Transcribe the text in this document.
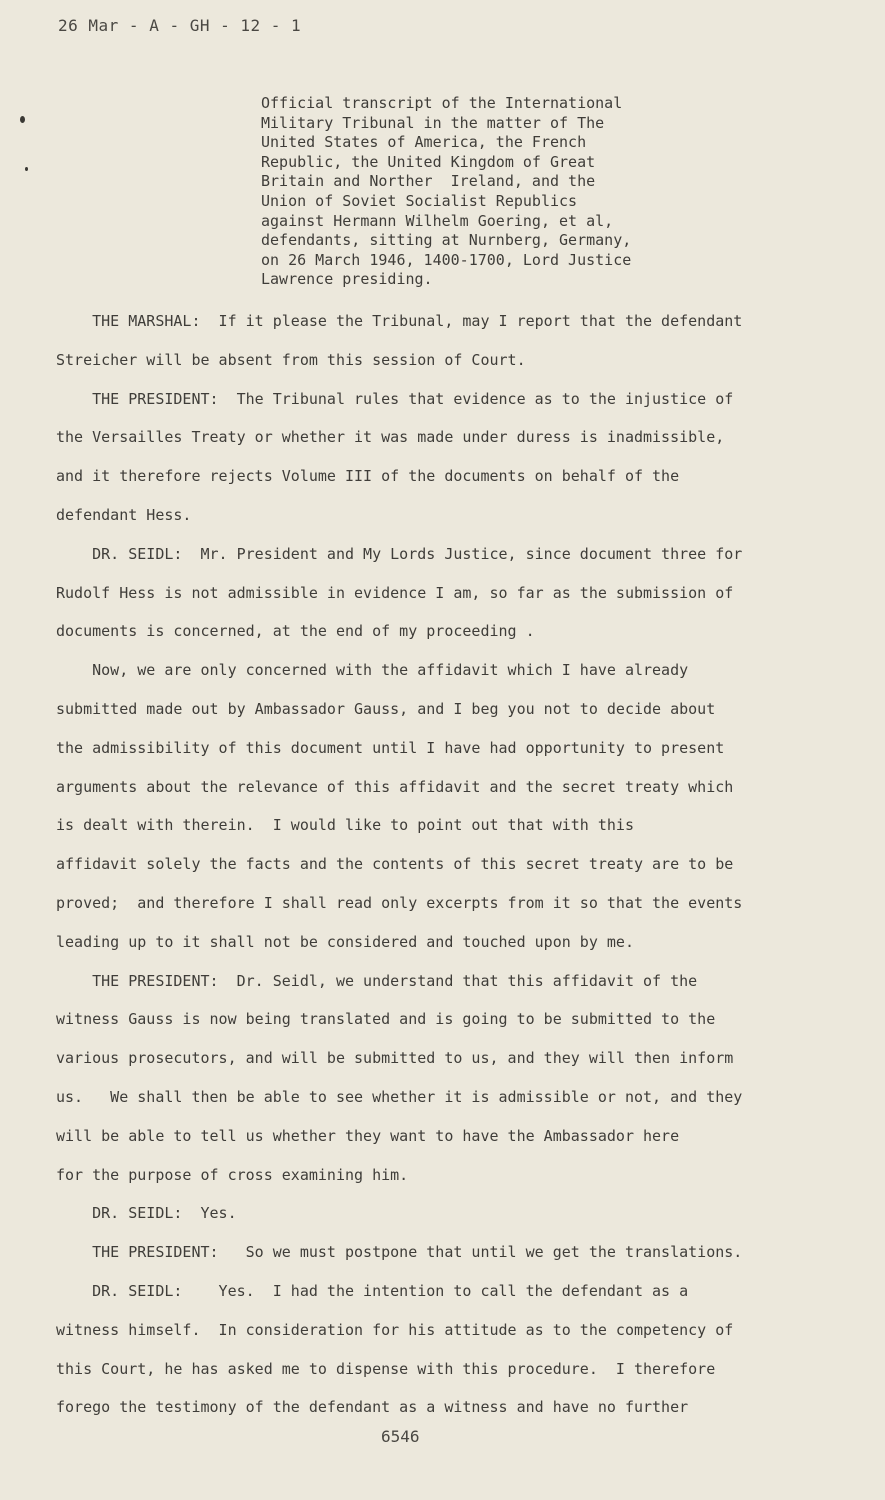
26 Mar - A - GH - 12 - 1
Official transcript of the International
Military Tribunal in the matter of The
United States of America, the French
Republic, the United Kingdom of Great
Britain and Norther  Ireland, and the
Union of Soviet Socialist Republics
against Hermann Wilhelm Goering, et al,
defendants, sitting at Nurnberg, Germany,
on 26 March 1946, 1400-1700, Lord Justice
Lawrence presiding.
THE MARSHAL:  If it please the Tribunal, may I report that the defendant
Streicher will be absent from this session of Court.
THE PRESIDENT:  The Tribunal rules that evidence as to the injustice of
the Versailles Treaty or whether it was made under duress is inadmissible,
and it therefore rejects Volume III of the documents on behalf of the
defendant Hess.
DR. SEIDL:  Mr. President and My Lords Justice, since document three for
Rudolf Hess is not admissible in evidence I am, so far as the submission of
documents is concerned, at the end of my proceeding .
Now, we are only concerned with the affidavit which I have already
submitted made out by Ambassador Gauss, and I beg you not to decide about
the admissibility of this document until I have had opportunity to present
arguments about the relevance of this affidavit and the secret treaty which
is dealt with therein.  I would like to point out that with this
affidavit solely the facts and the contents of this secret treaty are to be
proved;  and therefore I shall read only excerpts from it so that the events
leading up to it shall not be considered and touched upon by me.
THE PRESIDENT:  Dr. Seidl, we understand that this affidavit of the
witness Gauss is now being translated and is going to be submitted to the
various prosecutors, and will be submitted to us, and they will then inform
us.   We shall then be able to see whether it is admissible or not, and they
will be able to tell us whether they want to have the Ambassador here
for the purpose of cross examining him.
DR. SEIDL:  Yes.
THE PRESIDENT:   So we must postpone that until we get the translations.
DR. SEIDL:    Yes.  I had the intention to call the defendant as a
witness himself.  In consideration for his attitude as to the competency of
this Court, he has asked me to dispense with this procedure.  I therefore
forego the testimony of the defendant as a witness and have no further
6546
